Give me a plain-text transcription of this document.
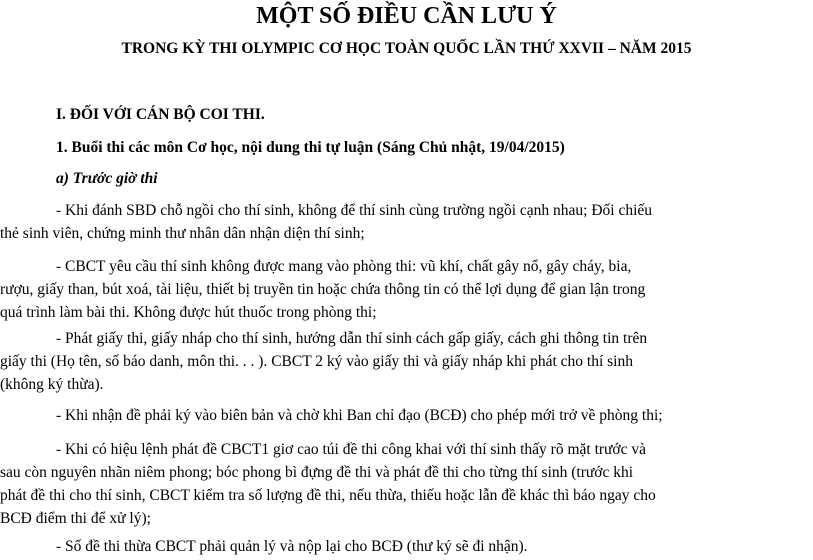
MỘT SỐ ĐIỀU CẦN LƯU Ý
TRONG KỲ THI OLYMPIC CƠ HỌC TOÀN QUỐC LẦN THỨ XXVII – NĂM 2015
I. ĐỐI VỚI CÁN BỘ COI THI.
1. Buổi thi các môn Cơ học, nội dung thi tự luận (Sáng Chủ nhật, 19/04/2015)
a) Trước giờ thi
- Khi đánh SBD chỗ ngồi cho thí sinh, không để thí sinh cùng trường ngồi cạnh nhau; Đối chiếu
thẻ sinh viên, chứng minh thư nhân dân nhận diện thí sinh;
- CBCT yêu cầu thí sinh không được mang vào phòng thi: vũ khí, chất gây nổ, gây cháy, bia,
rượu, giấy than, bút xoá, tài liệu, thiết bị truyền tin hoặc chứa thông tin có thể lợi dụng để gian lận trong
quá trình làm bài thi. Không được hút thuốc trong phòng thi;
- Phát giấy thi, giấy nháp cho thí sinh, hướng dẫn thí sinh cách gấp giấy, cách ghi thông tin trên
giấy thi (Họ tên, số báo danh, môn thi. . . ). CBCT 2 ký vào giấy thi và giấy nháp khi phát cho thí sinh
(không ký thừa).
- Khi nhận đề phải ký vào biên bản và chờ khi Ban chỉ đạo (BCĐ) cho phép mới trở về phòng thi;
- Khi có hiệu lệnh phát đề CBCT1 giơ cao túi đề thi công khai với thí sinh thấy rõ mặt trước và
sau còn nguyên nhãn niêm phong; bóc phong bì đựng đề thi và phát đề thi cho từng thí sinh (trước khi
phát đề thi cho thí sinh, CBCT kiểm tra số lượng đề thi, nếu thừa, thiếu hoặc lẫn đề khác thì báo ngay cho
BCĐ điểm thi để xử lý);
- Số đề thi thừa CBCT phải quản lý và nộp lại cho BCĐ (thư ký sẽ đi nhận).
